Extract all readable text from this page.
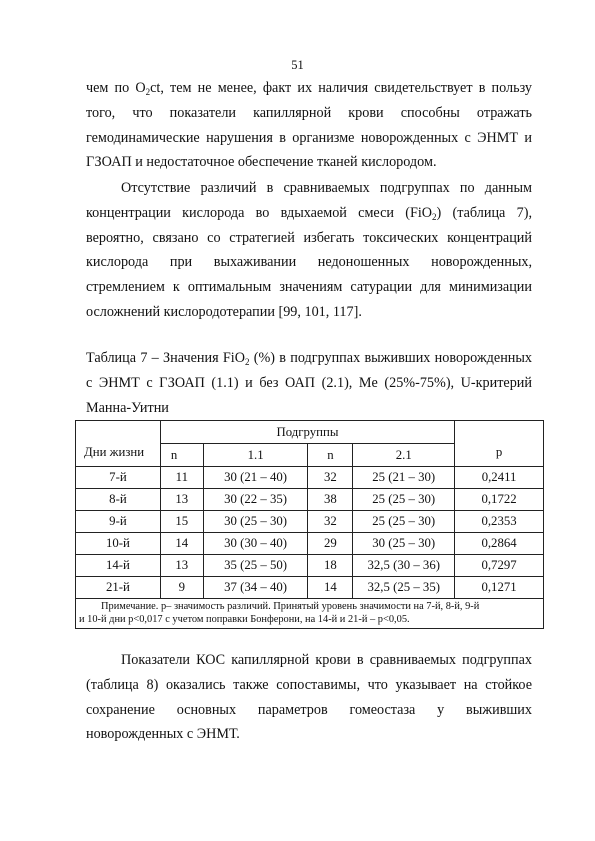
51

чем по $O_2ct$, тем не менее, факт их наличия свидетельствует в пользу того, что показатели капиллярной крови способны отражать гемодинамические нарушения в организме новорожденных с ЭНМТ и ГЗОАП и недостаточное обеспечение тканей кислородом.

Отсутствие различий в сравниваемых подгруппах по данным концентрации кислорода во вдыхаемой смеси (FiO$_2$) (таблица 7), вероятно, связано со стратегией избегать токсических концентраций кислорода при выхаживании недоношенных новорожденных, стремлением к оптимальным значениям сатурации для минимизации осложнений кислородотерапии [99, 101, 117].

Таблица 7 – Значения FiO$_2$ (%) в подгруппах выживших новорожденных с ЭНМТ с ГЗОАП (1.1) и без ОАП (2.1), Me (25%-75%), U-критерий Манна-Уитни

Дни жизни	Подгруппы				p
	n	1.1	n	2.1	
7-й	11	30 (21 – 40)	32	25 (21 – 30)	0,2411
8-й	13	30 (22 – 35)	38	25 (25 – 30)	0,1722
9-й	15	30 (25 – 30)	32	25 (25 – 30)	0,2353
10-й	14	30 (30 – 40)	29	30 (25 – 30)	0,2864
14-й	13	35 (25 – 50)	18	32,5 (30 – 36)	0,7297
21-й	9	37 (34 – 40)	14	32,5 (25 – 35)	0,1271

Примечание. p– значимость различий. Принятый уровень значимости на 7-й, 8-й, 9-й
и 10-й дни p<0,017 с учетом поправки Бонферони, на 14-й и 21-й – p<0,05.					

Показатели КОС капиллярной крови в сравниваемых подгруппах (таблица 8) оказались также сопоставимы, что указывает на стойкое сохранение основных параметров гомеостаза у выживших новорожденных с ЭНМТ.
